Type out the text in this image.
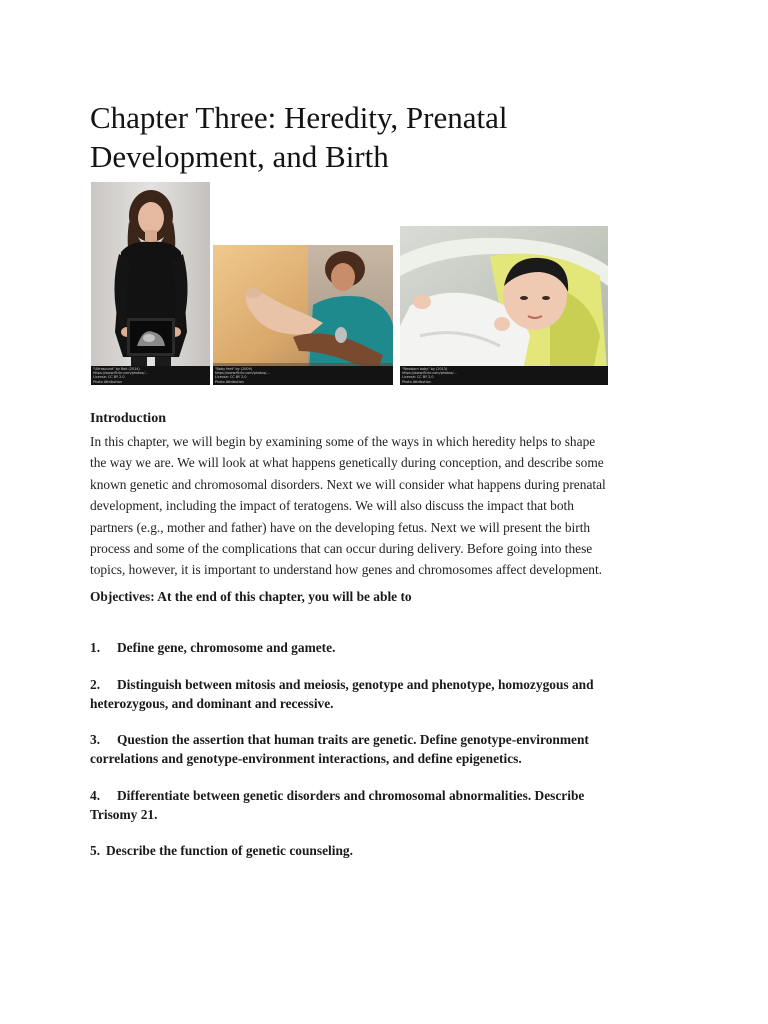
Chapter Three: Heredity, Prenatal
Development, and Birth
"Ultrasound" by Rob (2014)
https://www.flickr.com/photos/...
License: CC BY 2.0
Photo Attribution
"Baby feet" by (2009)
https://www.flickr.com/photos/...
License: CC BY 2.0
Photo Attribution
"Newborn baby" by (2013)
https://www.flickr.com/photos/...
License: CC BY 2.0
Photo Attribution
Introduction

In this chapter, we will begin by examining some of the ways in which heredity helps to shape
the way we are. We will look at what happens genetically during conception, and describe some
known genetic and chromosomal disorders. Next we will consider what happens during prenatal
development, including the impact of teratogens. We will also discuss the impact that both
partners (e.g., mother and father) have on the developing fetus. Next we will present the birth
process and some of the complications that can occur during delivery. Before going into these
topics, however, it is important to understand how genes and chromosomes affect development.

Objectives: At the end of this chapter, you will be able to

1. Define gene, chromosome and gamete.
2. Distinguish between mitosis and meiosis, genotype and phenotype, homozygous and
heterozygous, and dominant and recessive.
3. Question the assertion that human traits are genetic. Define genotype-environment
correlations and genotype-environment interactions, and define epigenetics.
4. Differentiate between genetic disorders and chromosomal abnormalities. Describe
Trisomy 21.
5. Describe the function of genetic counseling.
